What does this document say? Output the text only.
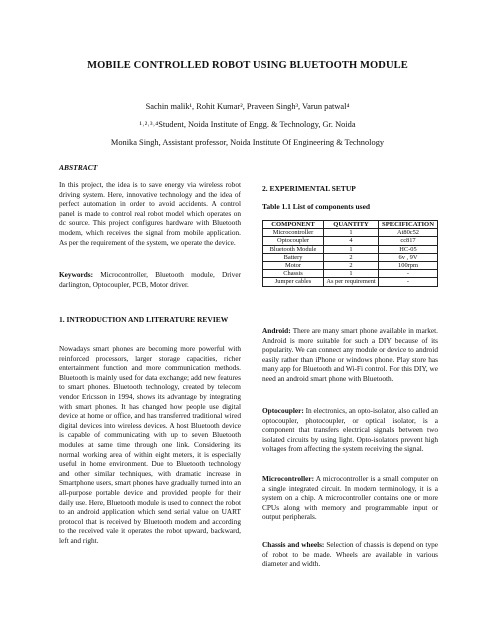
MOBILE CONTROLLED ROBOT USING BLUETOOTH MODULE
Sachin malik¹, Rohit Kumar², Praveen Singh³, Varun patwal⁴
¹˒²˒³˒⁴Student, Noida Institute of Engg. & Technology, Gr. Noida
Monika Singh, Assistant professor, Noida Institute Of Engineering & Technology
ABSTRACT
In this project, the idea is to save energy via wireless robot driving system. Here, innovative technology and the idea of perfect automation in order to avoid accidents. A control panel is made to control real robot model which operates on dc source. This project configures hardware with Bluetooth modem, which receives the signal from mobile application. As per the requirement of the system, we operate the device.
Keywords: Microcontroller, Bluetooth module, Driver darlington, Optocoupler, PCB, Motor driver.
1. INTRODUCTION AND LITERATURE REVIEW
Nowadays smart phones are becoming more powerful with reinforced processors, larger storage capacities, richer entertainment function and more communication methods. Bluetooth is mainly used for data exchange; add new features to smart phones. Bluetooth technology, created by telecom vendor Ericsson in 1994, shows its advantage by integrating with smart phones. It has changed how people use digital device at home or office, and has transferred traditional wired digital devices into wireless devices. A host Bluetooth device is capable of communicating with up to seven Bluetooth modules at same time through one link. Considering its normal working area of within eight meters, it is especially useful in home environment. Due to Bluetooth technology and other similar techniques, with dramatic increase in Smartphone users, smart phones have gradually turned into an all-purpose portable device and provided people for their daily use. Here, Bluetooth module is used to connect the robot to an android application which send serial value on UART protocol that is received by Bluetooth modem and according to the received vale it operates the robot upward, backward, left and right.
2. EXPERIMENTAL SETUP
Table 1.1 List of components used
COMPONENT	QUANTITY	SPECIFICATION
Microcontroller	1	At80c52
Optocoupler	4	cc817
Bluetooth Module	1	HC-05
Battery	2	6v , 9V
Motor	2	100rpm
Chassis	1	-
Jumper cables	As per requirement	-
Android: There are many smart phone available in market. Android is more suitable for such a DIY because of its popularity. We can connect any module or device to android easily rather than iPhone or windows phone. Play store has many app for Bluetooth and Wi-Fi control. For this DIY, we need an android smart phone with Bluetooth.
Optocoupler: In electronics, an opto-isolator, also called an optocoupler, photocoupler, or optical isolator, is a component that transfers electrical signals between two isolated circuits by using light. Opto-isolators prevent high voltages from affecting the system receiving the signal.
Microcontroller: A microcontroller is a small computer on a single integrated circuit. In modern terminology, it is a system on a chip. A microcontroller contains one or more CPUs along with memory and programmable input or output peripherals.
Chassis and wheels: Selection of chassis is depend on type of robot to be made. Wheels are available in various diameter and width.
